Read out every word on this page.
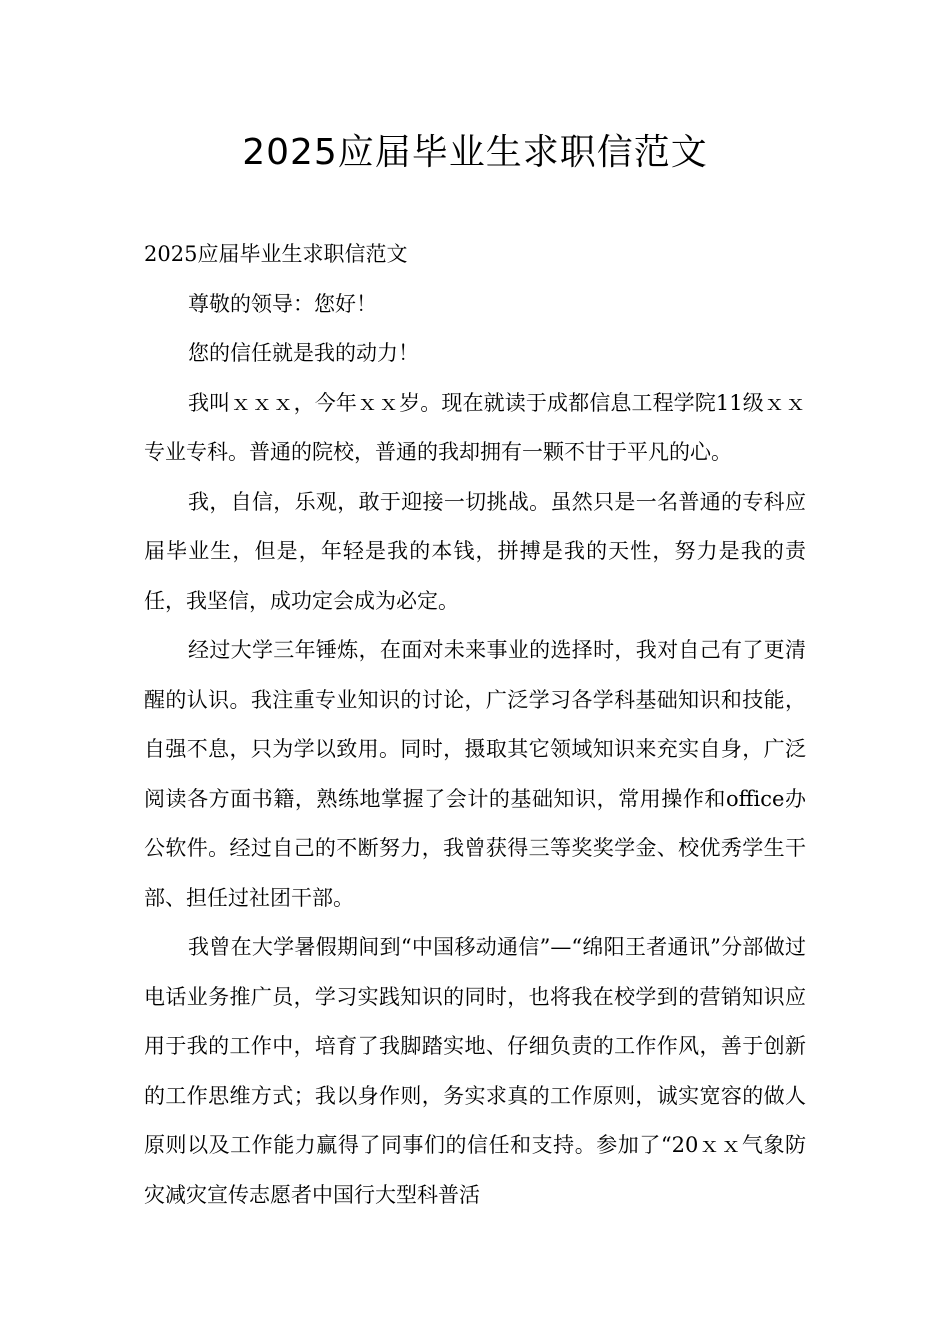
2025应届毕业生求职信范文

2025应届毕业生求职信范文

尊敬的领导：您好！

您的信任就是我的动力！

我叫ｘｘｘ，今年ｘｘ岁。现在就读于成都信息工程学院11级ｘｘ专业专科。普通的院校，普通的我却拥有一颗不甘于平凡的心。

我，自信，乐观，敢于迎接一切挑战。虽然只是一名普通的专科应届毕业生，但是，年轻是我的本钱，拼搏是我的天性，努力是我的责任，我坚信，成功定会成为必定。

经过大学三年锤炼，在面对未来事业的选择时，我对自己有了更清醒的认识。我注重专业知识的讨论，广泛学习各学科基础知识和技能，自强不息，只为学以致用。同时，摄取其它领域知识来充实自身，广泛阅读各方面书籍，熟练地掌握了会计的基础知识，常用操作和office办公软件。经过自己的不断努力，我曾获得三等奖奖学金、校优秀学生干部、担任过社团干部。

我曾在大学暑假期间到“中国移动通信”—“绵阳王者通讯”分部做过电话业务推广员，学习实践知识的同时，也将我在校学到的营销知识应用于我的工作中，培育了我脚踏实地、仔细负责的工作作风，善于创新的工作思维方式；我以身作则，务实求真的工作原则，诚实宽容的做人原则以及工作能力赢得了同事们的信任和支持。参加了“20ｘｘ气象防灾减灾宣传志愿者中国行大型科普活
